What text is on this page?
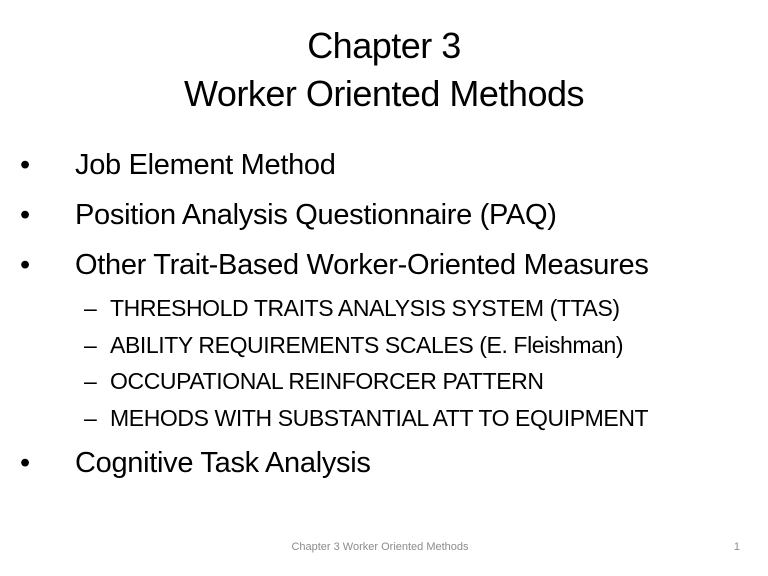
Chapter 3
Worker Oriented Methods
•	Job Element Method
•	Position Analysis Questionnaire (PAQ)
•	Other Trait-Based Worker-Oriented Measures
– THRESHOLD TRAITS ANALYSIS SYSTEM (TTAS)
– ABILITY REQUIREMENTS SCALES (E. Fleishman)
– OCCUPATIONAL REINFORCER PATTERN
– MEHODS WITH SUBSTANTIAL ATT TO EQUIPMENT
•	Cognitive Task Analysis
Chapter 3 Worker Oriented Methods	1
